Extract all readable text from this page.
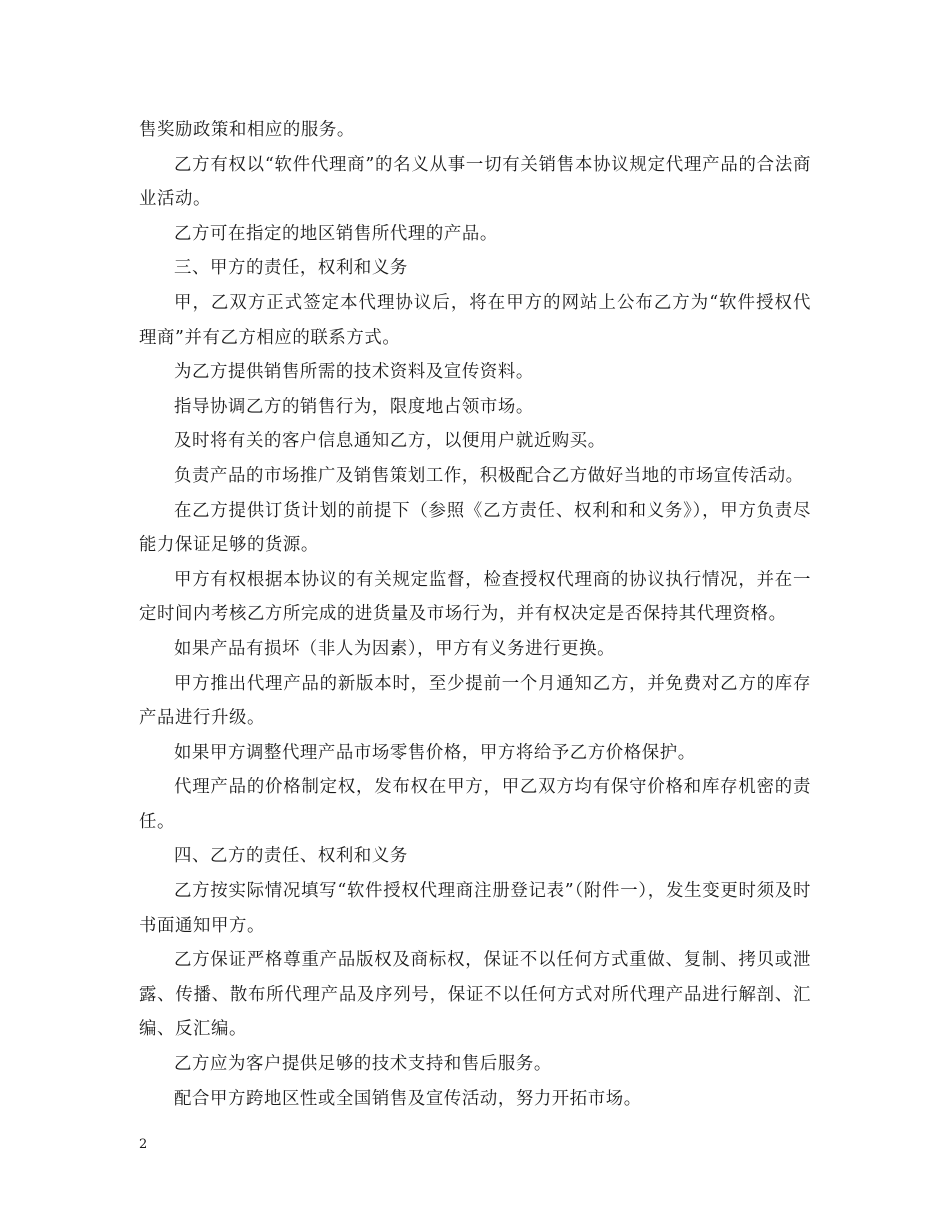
售奖励政策和相应的服务。

乙方有权以“软件代理商”的名义从事一切有关销售本协议规定代理产品的合法商业活动。

乙方可在指定的地区销售所代理的产品。

三、甲方的责任，权利和义务

甲，乙双方正式签定本代理协议后，将在甲方的网站上公布乙方为“软件授权代理商”并有乙方相应的联系方式。

为乙方提供销售所需的技术资料及宣传资料。

指导协调乙方的销售行为，限度地占领市场。

及时将有关的客户信息通知乙方，以便用户就近购买。

负责产品的市场推广及销售策划工作，积极配合乙方做好当地的市场宣传活动。

在乙方提供订货计划的前提下（参照《乙方责任、权利和和义务》），甲方负责尽能力保证足够的货源。

甲方有权根据本协议的有关规定监督，检查授权代理商的协议执行情况，并在一定时间内考核乙方所完成的进货量及市场行为，并有权决定是否保持其代理资格。

如果产品有损坏（非人为因素），甲方有义务进行更换。

甲方推出代理产品的新版本时，至少提前一个月通知乙方，并免费对乙方的库存产品进行升级。

如果甲方调整代理产品市场零售价格，甲方将给予乙方价格保护。

代理产品的价格制定权，发布权在甲方，甲乙双方均有保守价格和库存机密的责任。

四、乙方的责任、权利和义务

乙方按实际情况填写“软件授权代理商注册登记表”（附件一），发生变更时须及时书面通知甲方。

乙方保证严格尊重产品版权及商标权，保证不以任何方式重做、复制、拷贝或泄露、传播、散布所代理产品及序列号，保证不以任何方式对所代理产品进行解剖、汇编、反汇编。

乙方应为客户提供足够的技术支持和售后服务。

配合甲方跨地区性或全国销售及宣传活动，努力开拓市场。

2
